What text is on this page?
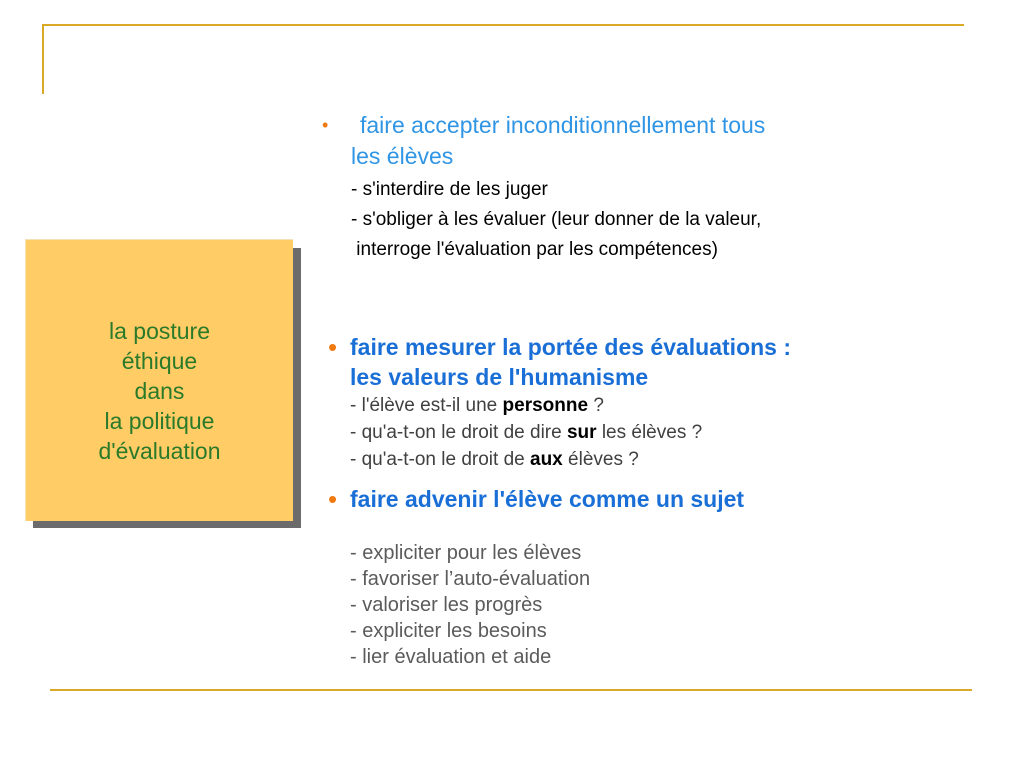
la posture
éthique
dans
la politique
d'évaluation
• faire accepter inconditionnellement tous
les élèves
- s'interdire de les juger
- s'obliger à les évaluer (leur donner de la valeur,
interroge l'évaluation par les compétences)
• faire mesurer la portée des évaluations :
les valeurs de l'humanisme
- l'élève est-il une personne ?
- qu'a-t-on le droit de dire sur les élèves ?
- qu'a-t-on le droit de aux élèves ?
• faire advenir l'élève comme un sujet
- expliciter pour les élèves
- favoriser l’auto-évaluation
- valoriser les progrès
- expliciter les besoins
- lier évaluation et aide
